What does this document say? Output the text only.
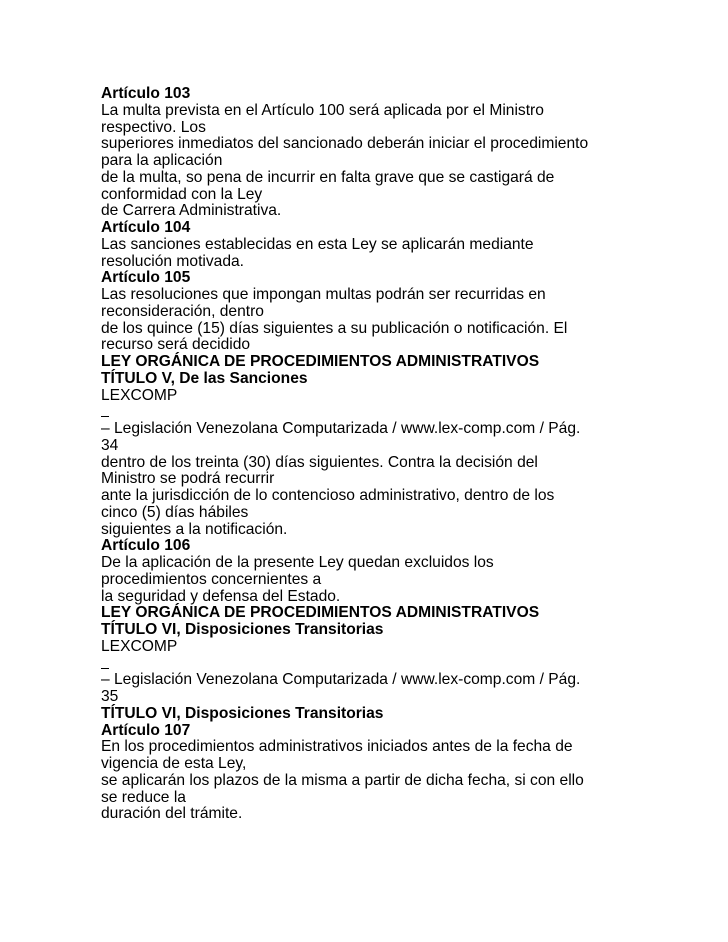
Artículo 103
La multa prevista en el Artículo 100 será aplicada por el Ministro
respectivo. Los
superiores inmediatos del sancionado deberán iniciar el procedimiento
para la aplicación
de la multa, so pena de incurrir en falta grave que se castigará de
conformidad con la Ley
de Carrera Administrativa.
Artículo 104
Las sanciones establecidas en esta Ley se aplicarán mediante
resolución motivada.
Artículo 105
Las resoluciones que impongan multas podrán ser recurridas en
reconsideración, dentro
de los quince (15) días siguientes a su publicación o notificación. El
recurso será decidido
LEY ORGÁNICA DE PROCEDIMIENTOS ADMINISTRATIVOS
TÍTULO V, De las Sanciones
LEXCOMP
– Legislación Venezolana Computarizada / www.lex-comp.com / Pág.
34
dentro de los treinta (30) días siguientes. Contra la decisión del
Ministro se podrá recurrir
ante la jurisdicción de lo contencioso administrativo, dentro de los
cinco (5) días hábiles
siguientes a la notificación.
Artículo 106
De la aplicación de la presente Ley quedan excluidos los
procedimientos concernientes a
la seguridad y defensa del Estado.
LEY ORGÁNICA DE PROCEDIMIENTOS ADMINISTRATIVOS
TÍTULO VI, Disposiciones Transitorias
LEXCOMP
– Legislación Venezolana Computarizada / www.lex-comp.com / Pág.
35
TÍTULO VI, Disposiciones Transitorias
Artículo 107
En los procedimientos administrativos iniciados antes de la fecha de
vigencia de esta Ley,
se aplicarán los plazos de la misma a partir de dicha fecha, si con ello
se reduce la
duración del trámite.
